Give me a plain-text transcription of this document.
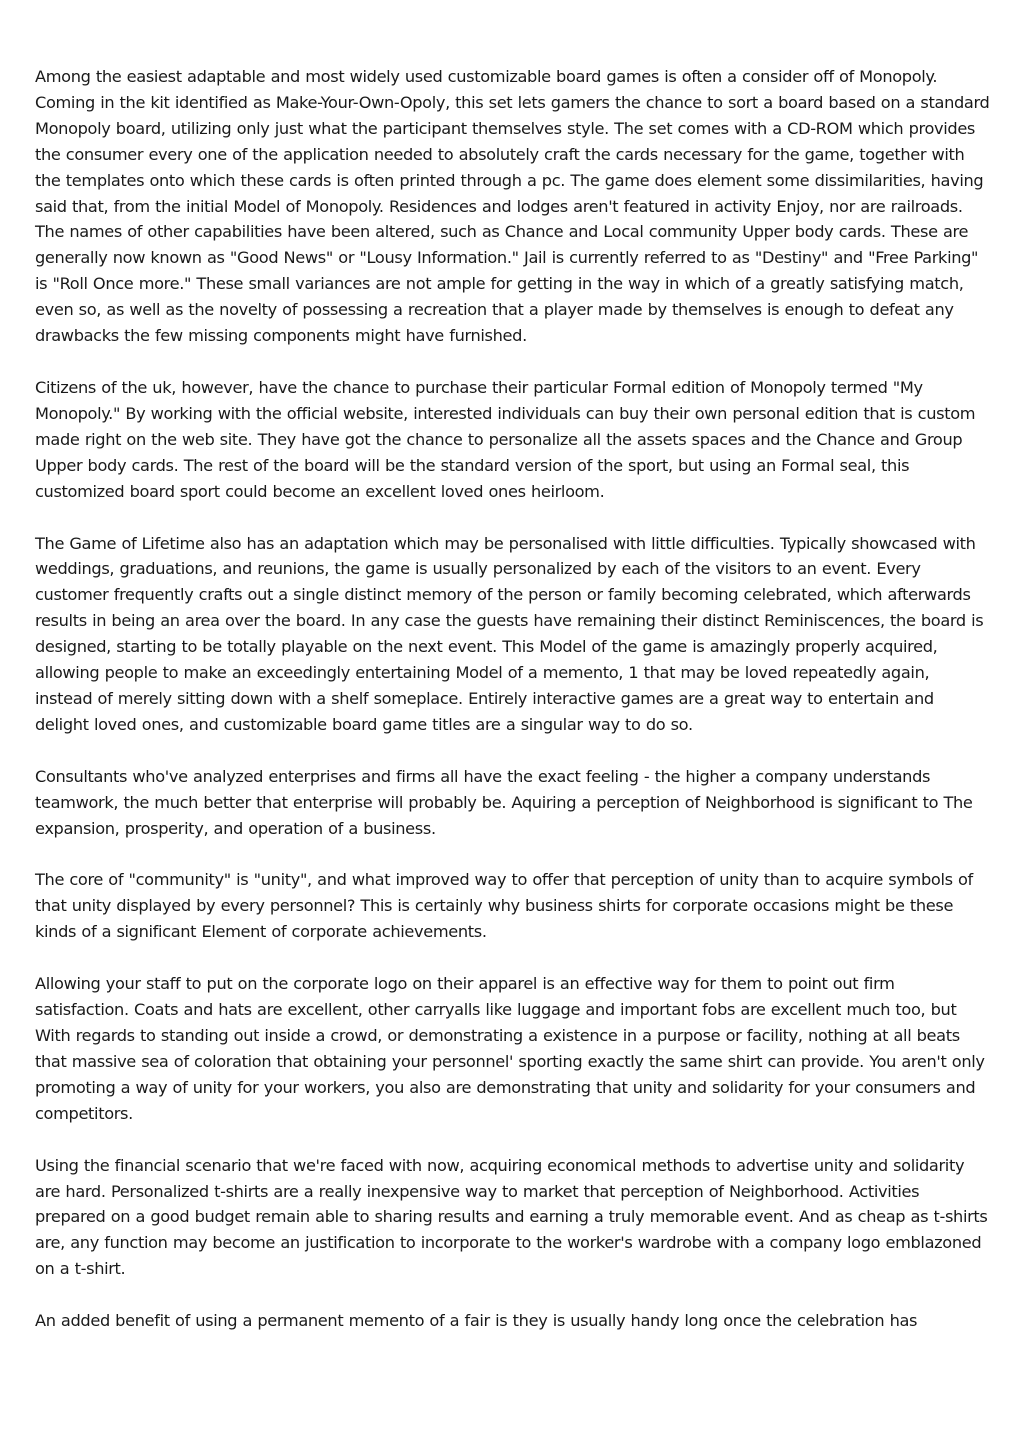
Among the easiest adaptable and most widely used customizable board games is often a consider off of Monopoly. Coming in the kit identified as Make-Your-Own-Opoly, this set lets gamers the chance to sort a board based on a standard Monopoly board, utilizing only just what the participant themselves style. The set comes with a CD-ROM which provides the consumer every one of the application needed to absolutely craft the cards necessary for the game, together with the templates onto which these cards is often printed through a pc. The game does element some dissimilarities, having said that, from the initial Model of Monopoly. Residences and lodges aren't featured in activity Enjoy, nor are railroads. The names of other capabilities have been altered, such as Chance and Local community Upper body cards. These are generally now known as "Good News" or "Lousy Information." Jail is currently referred to as "Destiny" and "Free Parking" is "Roll Once more." These small variances are not ample for getting in the way in which of a greatly satisfying match, even so, as well as the novelty of possessing a recreation that a player made by themselves is enough to defeat any drawbacks the few missing components might have furnished.

Citizens of the uk, however, have the chance to purchase their particular Formal edition of Monopoly termed "My Monopoly." By working with the official website, interested individuals can buy their own personal edition that is custom made right on the web site. They have got the chance to personalize all the assets spaces and the Chance and Group Upper body cards. The rest of the board will be the standard version of the sport, but using an Formal seal, this customized board sport could become an excellent loved ones heirloom.

The Game of Lifetime also has an adaptation which may be personalised with little difficulties. Typically showcased with weddings, graduations, and reunions, the game is usually personalized by each of the visitors to an event. Every customer frequently crafts out a single distinct memory of the person or family becoming celebrated, which afterwards results in being an area over the board. In any case the guests have remaining their distinct Reminiscences, the board is designed, starting to be totally playable on the next event. This Model of the game is amazingly properly acquired, allowing people to make an exceedingly entertaining Model of a memento, 1 that may be loved repeatedly again, instead of merely sitting down with a shelf someplace. Entirely interactive games are a great way to entertain and delight loved ones, and customizable board game titles are a singular way to do so.

Consultants who've analyzed enterprises and firms all have the exact feeling - the higher a company understands teamwork, the much better that enterprise will probably be. Aquiring a perception of Neighborhood is significant to The expansion, prosperity, and operation of a business.

The core of "community" is "unity", and what improved way to offer that perception of unity than to acquire symbols of that unity displayed by every personnel? This is certainly why business shirts for corporate occasions might be these kinds of a significant Element of corporate achievements.

Allowing your staff to put on the corporate logo on their apparel is an effective way for them to point out firm satisfaction. Coats and hats are excellent, other carryalls like luggage and important fobs are excellent much too, but With regards to standing out inside a crowd, or demonstrating a existence in a purpose or facility, nothing at all beats that massive sea of coloration that obtaining your personnel' sporting exactly the same shirt can provide. You aren't only promoting a way of unity for your workers, you also are demonstrating that unity and solidarity for your consumers and competitors.

Using the financial scenario that we're faced with now, acquiring economical methods to advertise unity and solidarity are hard. Personalized t-shirts are a really inexpensive way to market that perception of Neighborhood. Activities prepared on a good budget remain able to sharing results and earning a truly memorable event. And as cheap as t-shirts are, any function may become an justification to incorporate to the worker's wardrobe with a company logo emblazoned on a t-shirt.

An added benefit of using a permanent memento of a fair is they is usually handy long once the celebration has
